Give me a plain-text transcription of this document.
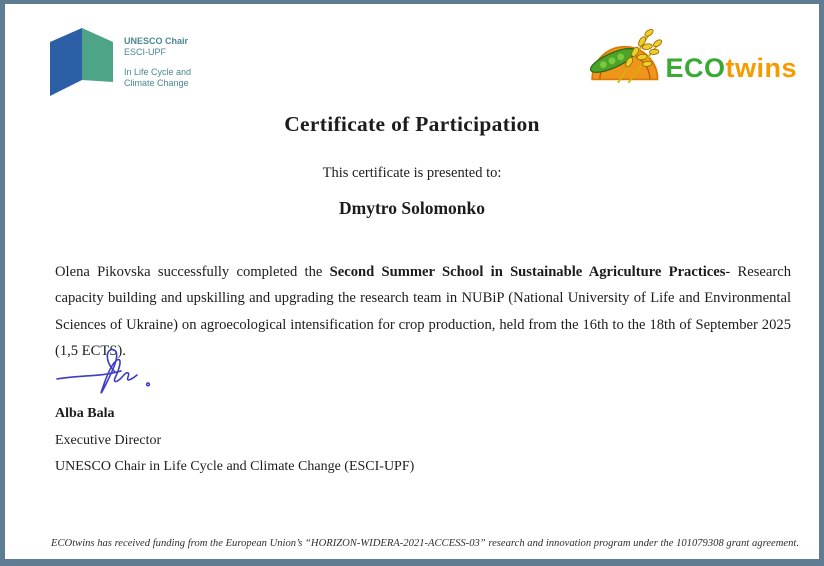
UNESCO Chair
ESCI-UPF
In Life Cycle and
Climate Change	ECOtwins
Certificate of Participation
This certificate is presented to:
Dmytro Solomonko

Olena Pikovska successfully completed the Second Summer School in Sustainable Agriculture Practices- Research capacity building and upskilling and upgrading the research team in NUBiP (National University of Life and Environmental Sciences of Ukraine) on agroecological intensification for crop production, held from the 16th to the 18th of September 2025 (1,5 ECTS).

Alba Bala
Executive Director
UNESCO Chair in Life Cycle and Climate Change (ESCI-UPF)
ECOtwins has received funding from the European Union’s “HORIZON-WIDERA-2021-ACCESS-03” research and innovation program under the 101079308 grant agreement.
